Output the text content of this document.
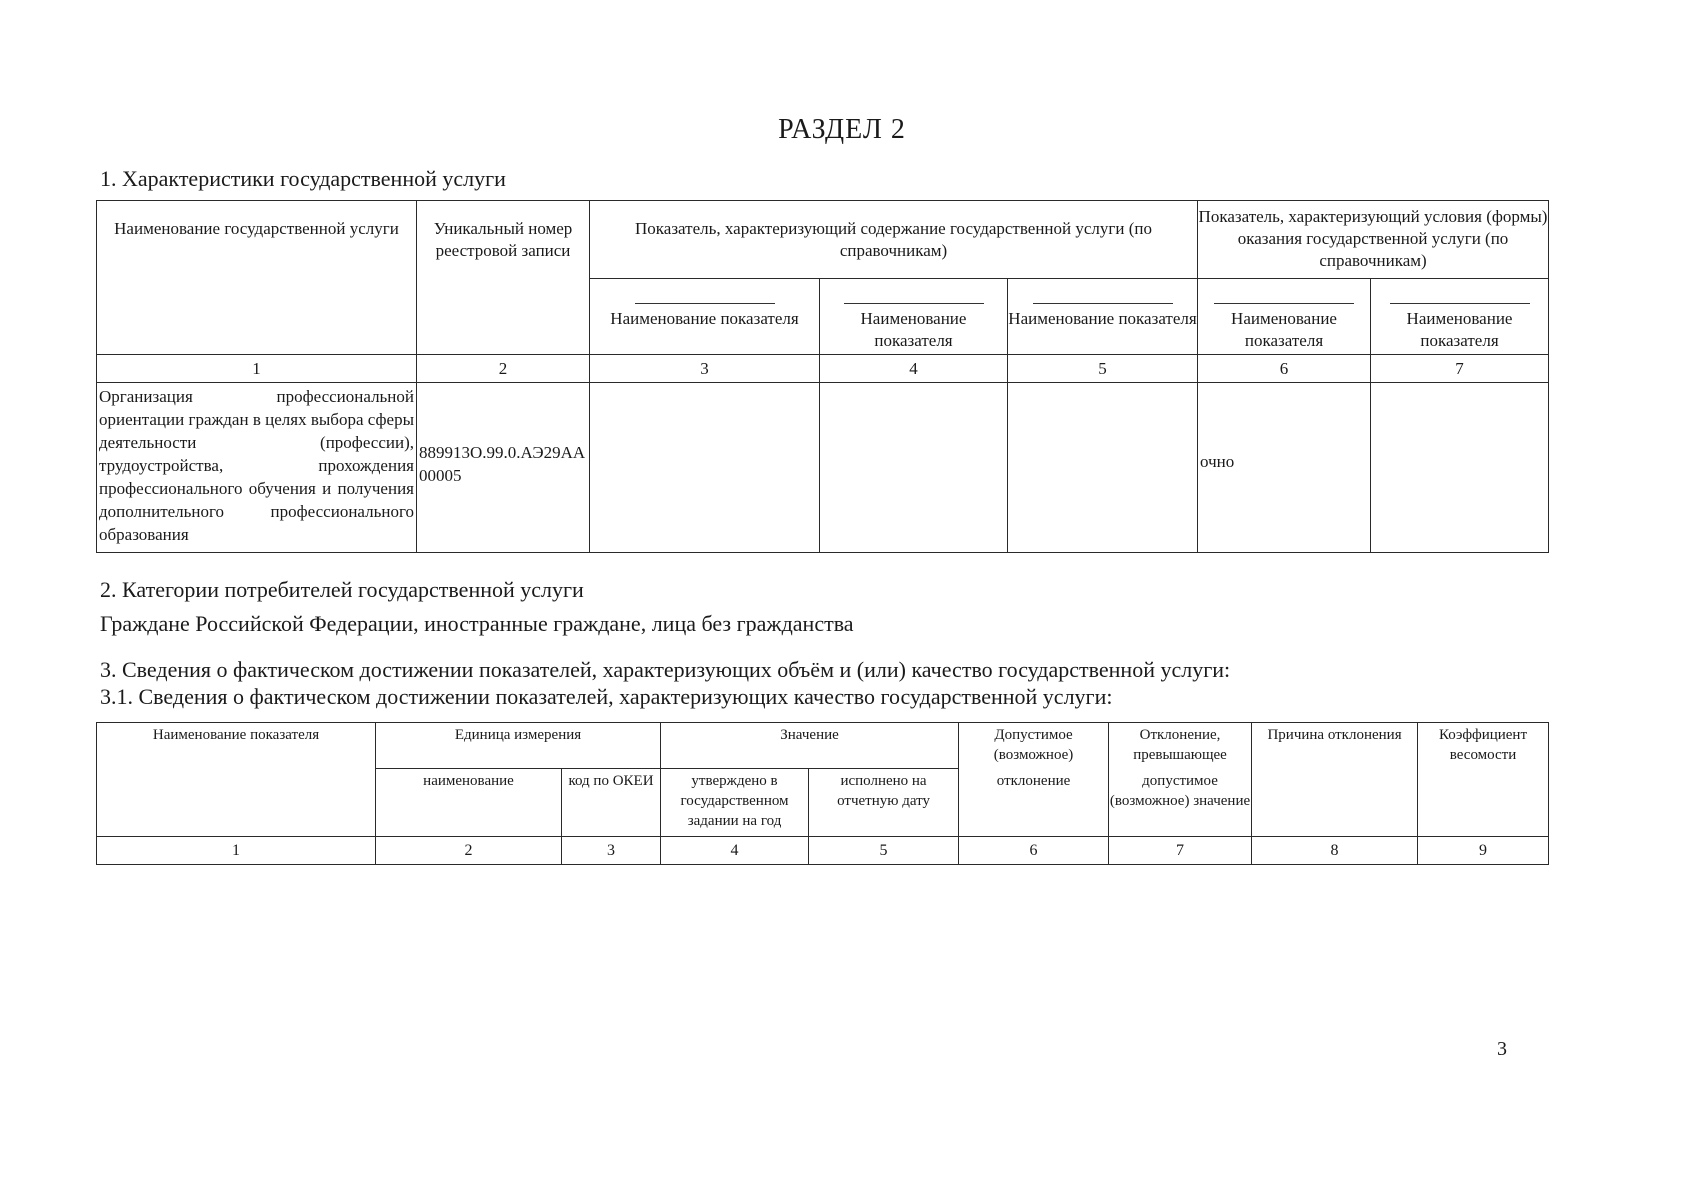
РАЗДЕЛ 2
1. Характеристики государственной услуги
Наименование государственной услуги	Уникальный номер реестровой записи	Показатель, характеризующий содержание государственной услуги (по справочникам)			Показатель, характеризующий условия (формы) оказания государственной услуги (по справочникам)	

		Наименование показателя	Наименование показателя	Наименование показателя	Наименование показателя	Наименование показателя

1	2	3	4	5	6	7
Организация профессиональной ориентации граждан в целях выбора сферы деятельности (профессии), трудоустройства, прохождения профессионального обучения и получения дополнительного профессионального образования	889913О.99.0.АЭ29АА00005				очно	
2. Категории потребителей государственной услуги
Граждане Российской Федерации, иностранные граждане, лица без гражданства
3. Сведения о фактическом достижении показателей, характеризующих объём и (или) качество государственной услуги:
3.1. Сведения о фактическом достижении показателей, характеризующих качество государственной услуги:
Наименование показателя	Единица измерения		Значение		Допустимое (возможное)	Отклонение, превышающее	Причина отклонения	Коэффициент весомости
	наименование	код по ОКЕИ	утверждено в государственном задании на год	исполнено на отчетную дату	отклонение	допустимое (возможное) значение		
1	2	3	4	5	6	7	8	9
3
